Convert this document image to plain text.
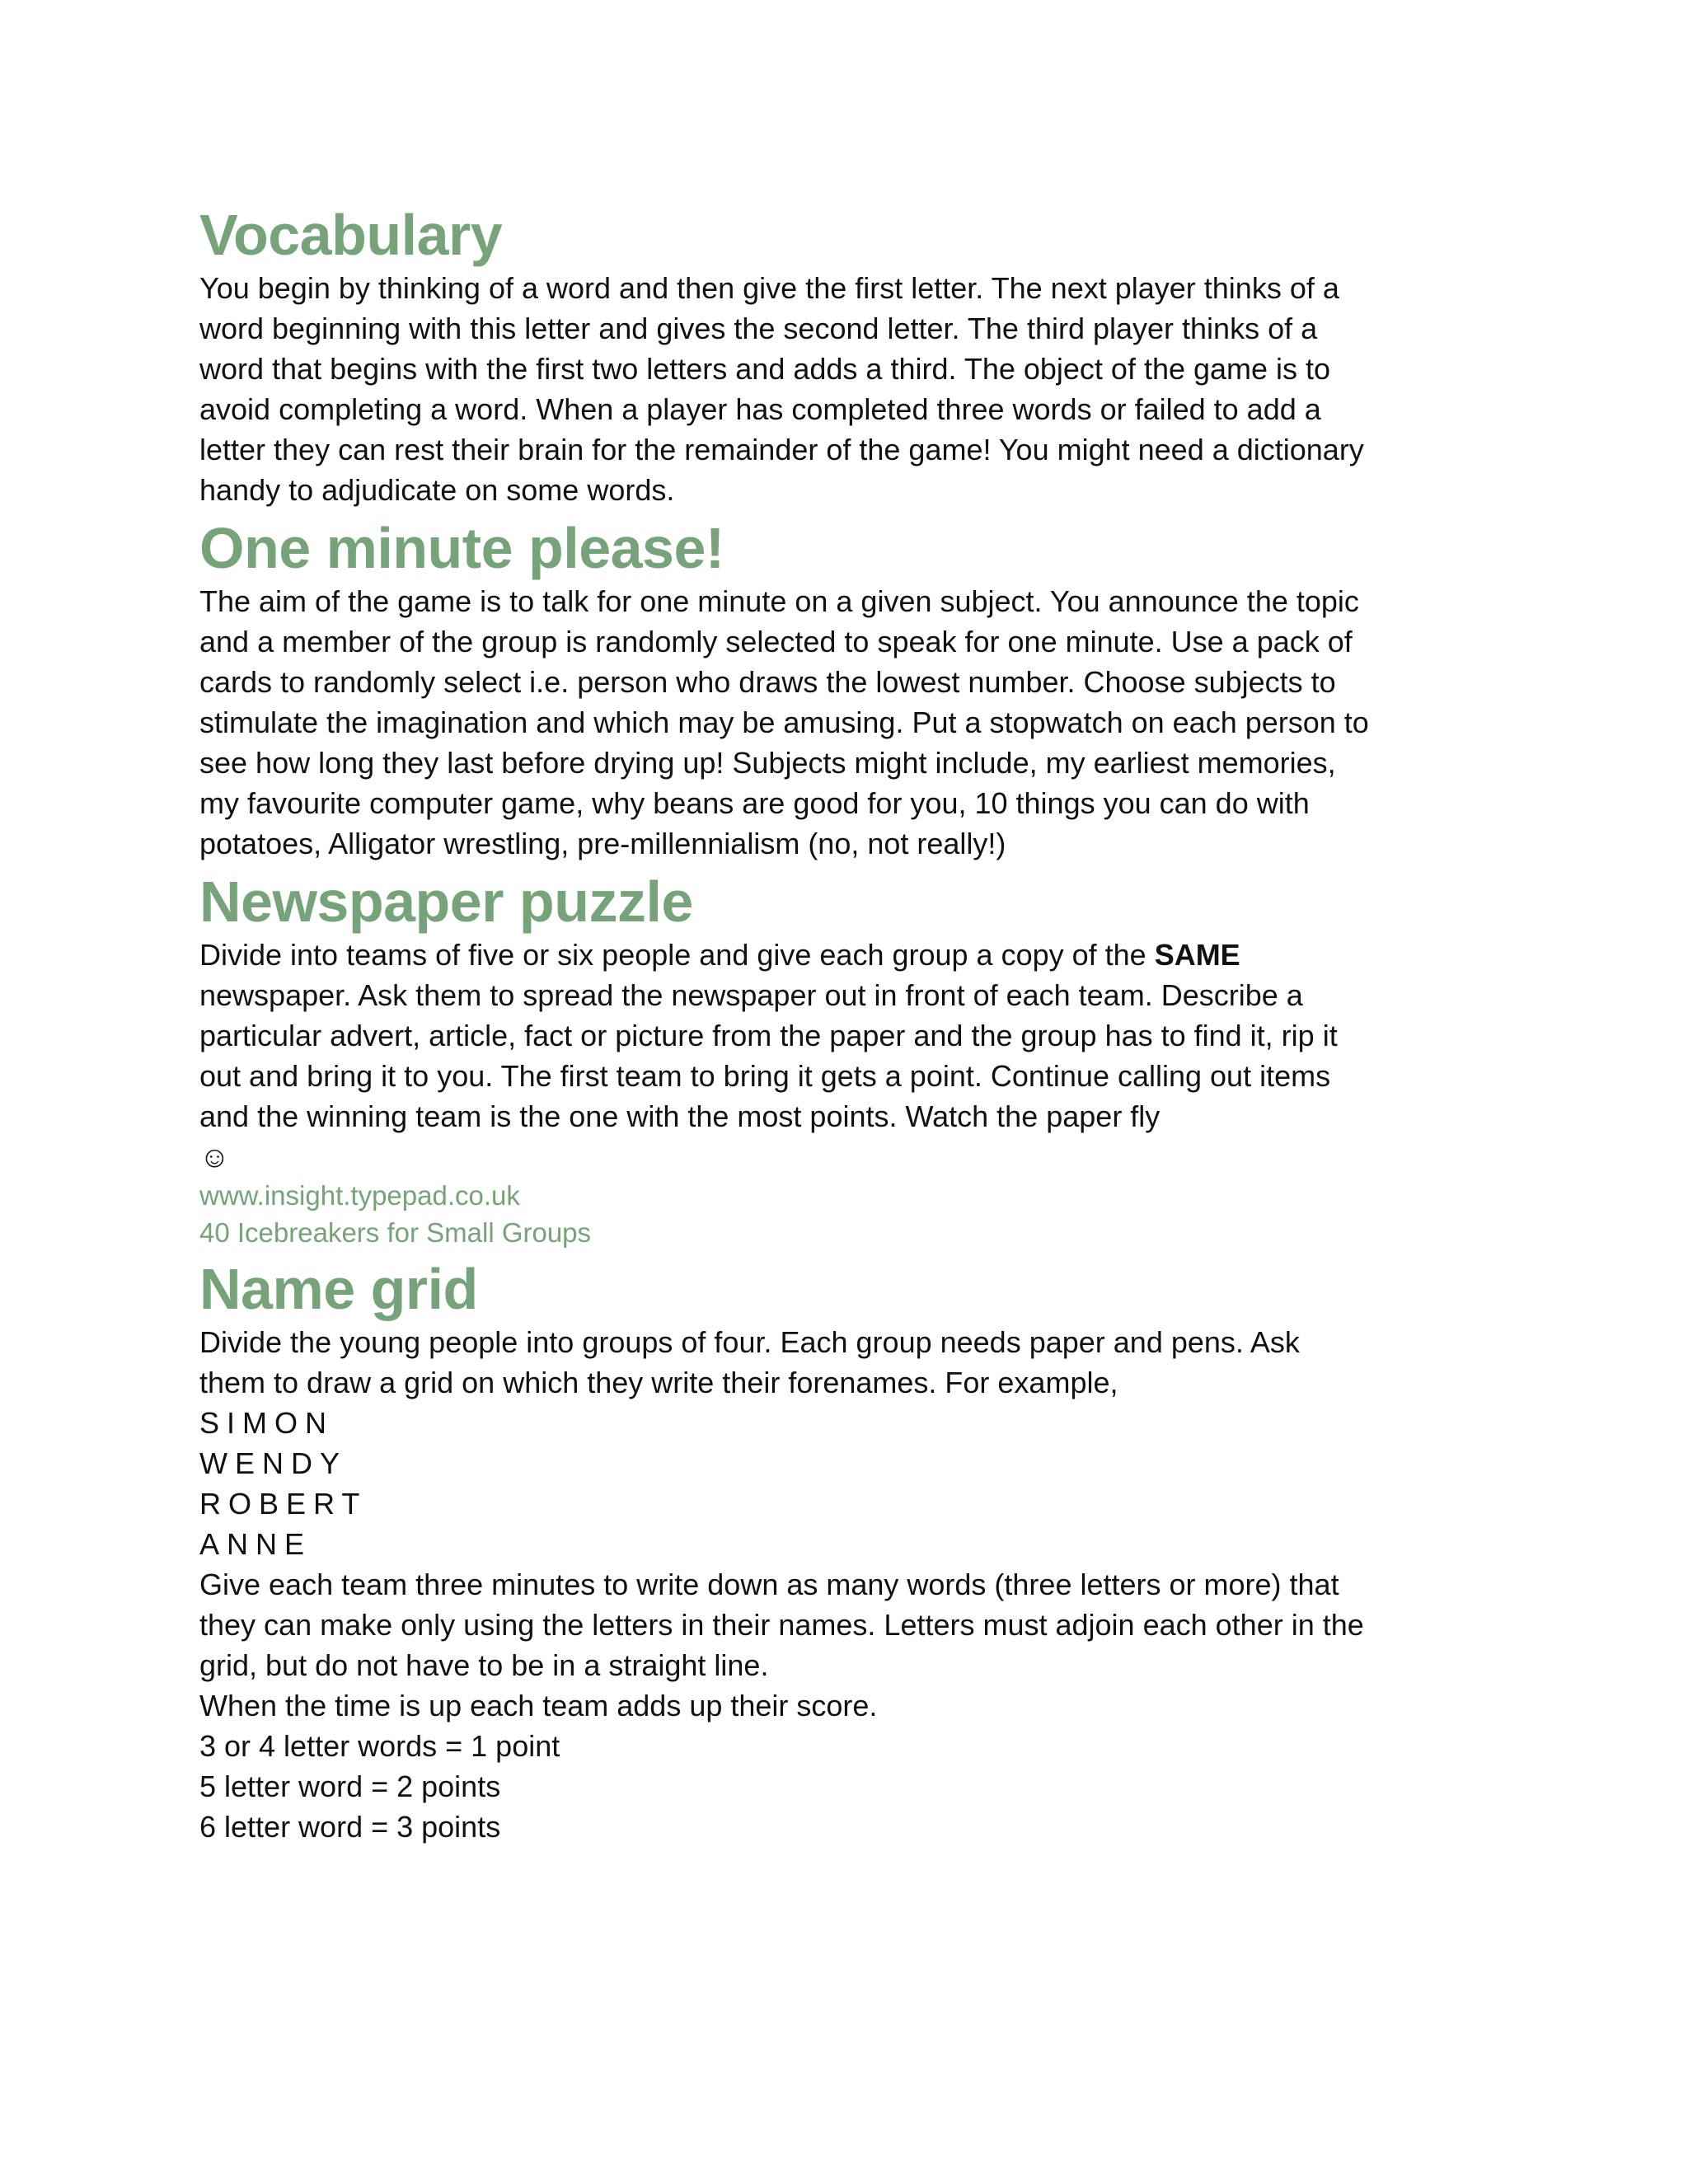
Vocabulary

You begin by thinking of a word and then give the first letter. The next player thinks of a word beginning with this letter and gives the second letter. The third player thinks of a word that begins with the first two letters and adds a third. The object of the game is to avoid completing a word. When a player has completed three words or failed to add a letter they can rest their brain for the remainder of the game! You might need a dictionary handy to adjudicate on some words.

One minute please!

The aim of the game is to talk for one minute on a given subject. You announce the topic and a member of the group is randomly selected to speak for one minute. Use a pack of cards to randomly select i.e. person who draws the lowest number. Choose subjects to stimulate the imagination and which may be amusing. Put a stopwatch on each person to see how long they last before drying up! Subjects might include, my earliest memories, my favourite computer game, why beans are good for you, 10 things you can do with potatoes, Alligator wrestling, pre-millennialism (no, not really!)

Newspaper puzzle

Divide into teams of five or six people and give each group a copy of the SAME newspaper. Ask them to spread the newspaper out in front of each team. Describe a particular advert, article, fact or picture from the paper and the group has to find it, rip it out and bring it to you. The first team to bring it gets a point. Continue calling out items and the winning team is the one with the most points. Watch the paper fly
☺

www.insight.typepad.co.uk

40 Icebreakers for Small Groups

Name grid

Divide the young people into groups of four. Each group needs paper and pens. Ask them to draw a grid on which they write their forenames. For example,

SIMON

WENDY

ROBERT

ANNE

Give each team three minutes to write down as many words (three letters or more) that they can make only using the letters in their names. Letters must adjoin each other in the grid, but do not have to be in a straight line.

When the time is up each team adds up their score.

3 or 4 letter words = 1 point

5 letter word = 2 points

6 letter word = 3 points
